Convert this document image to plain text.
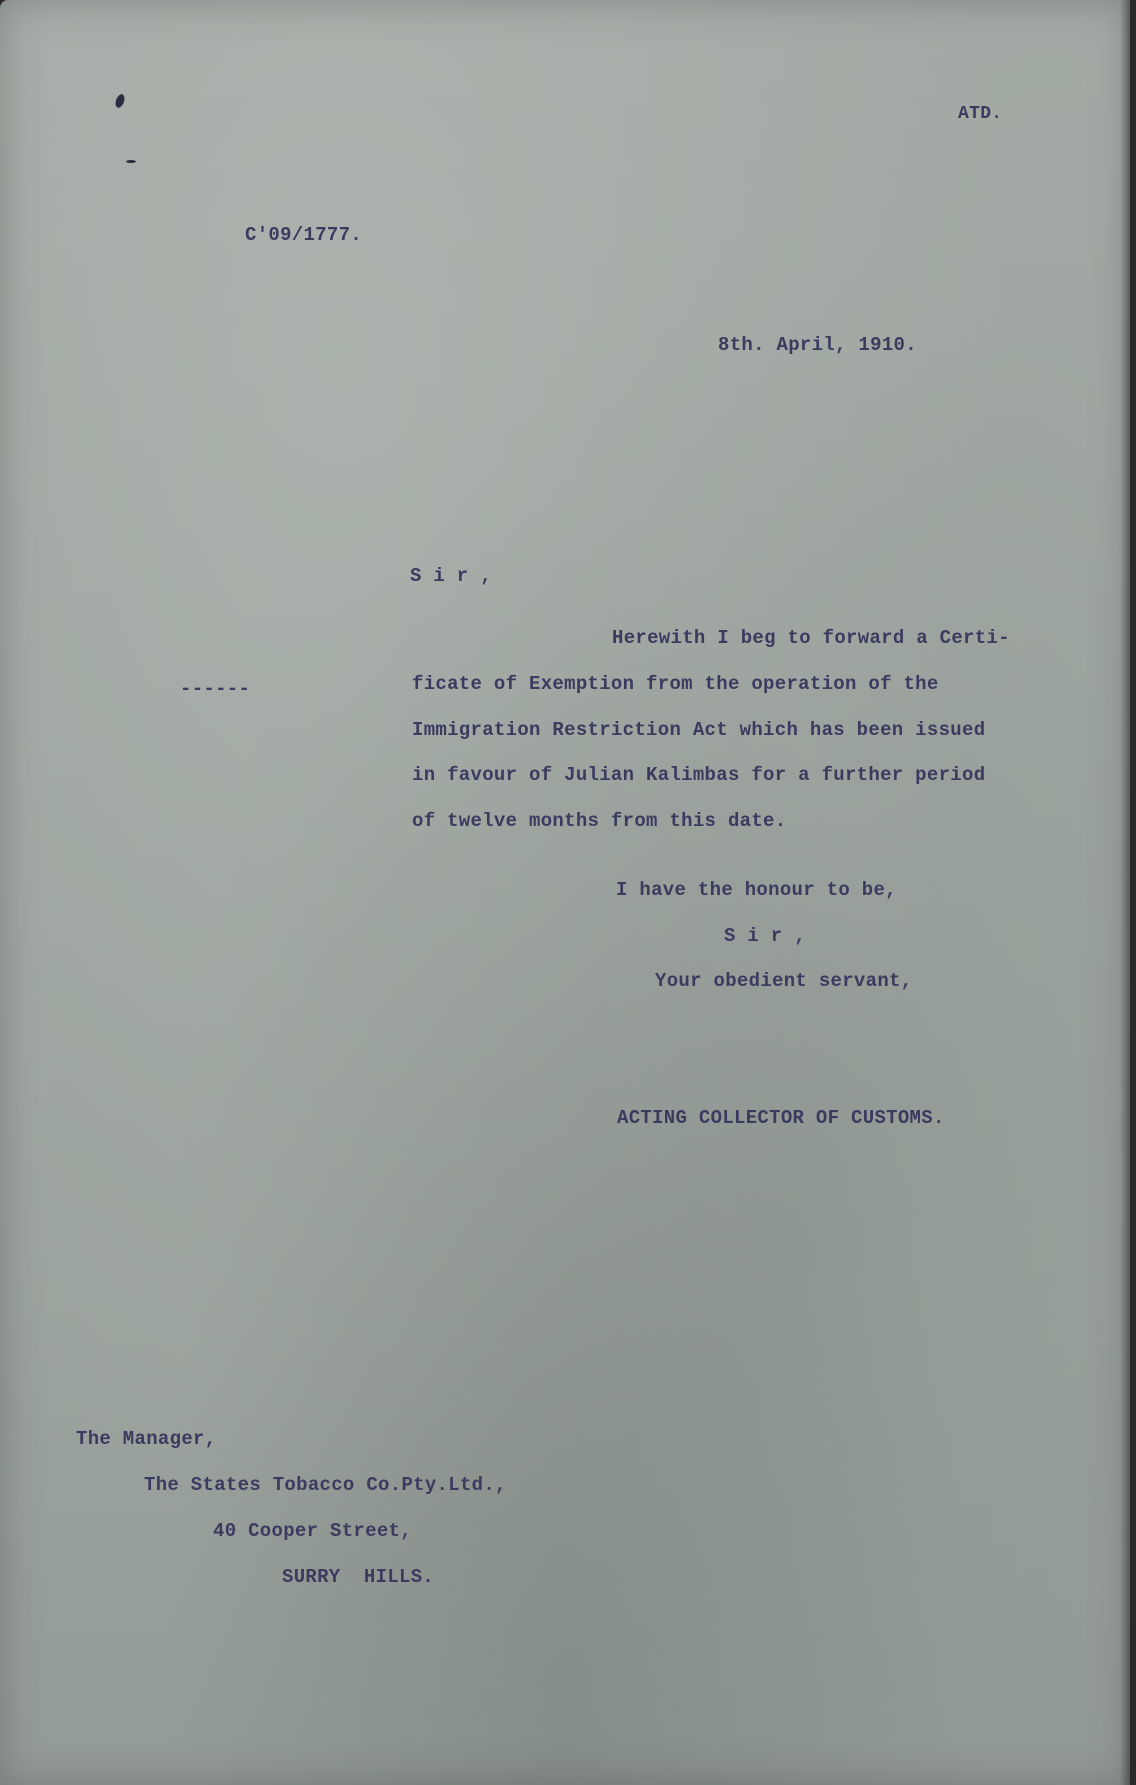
ATD.
C'09/1777.
8th. April, 1910.
S i r ,
------
Herewith I beg to forward a Certi-
ficate of Exemption from the operation of the
Immigration Restriction Act which has been issued
in favour of Julian Kalimbas for a further period
of twelve months from this date.
I have the honour to be,
S i r ,
Your obedient servant,
ACTING COLLECTOR OF CUSTOMS.
The Manager,
The States Tobacco Co.Pty.Ltd.,
40 Cooper Street,
SURRY  HILLS.
